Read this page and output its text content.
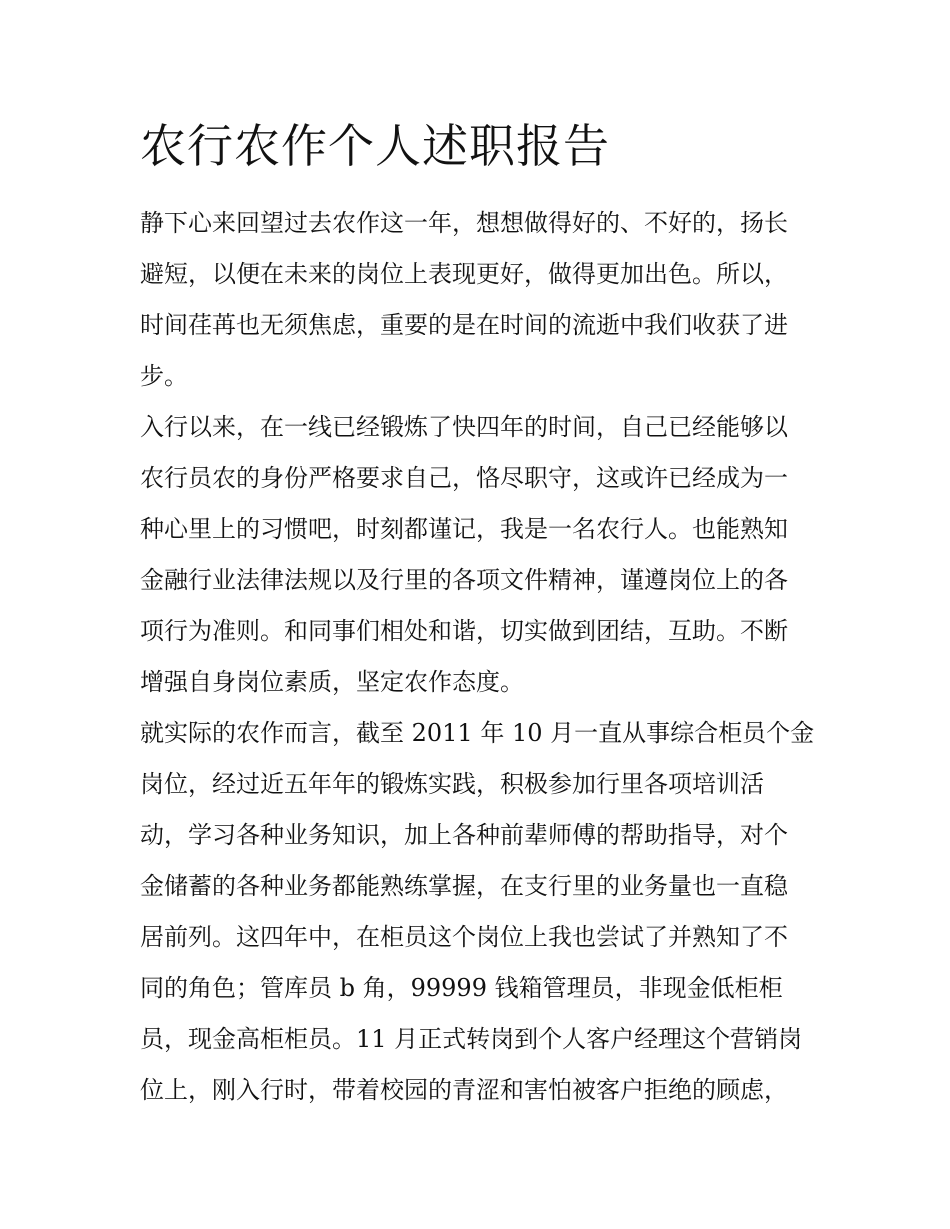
农行农作个人述职报告
静下心来回望过去农作这一年，想想做得好的、不好的，扬长
避短，以便在未来的岗位上表现更好，做得更加出色。所以，
时间荏苒也无须焦虑，重要的是在时间的流逝中我们收获了进
步。
入行以来，在一线已经锻炼了快四年的时间，自己已经能够以
农行员农的身份严格要求自己，恪尽职守，这或许已经成为一
种心里上的习惯吧，时刻都谨记，我是一名农行人。也能熟知
金融行业法律法规以及行里的各项文件精神，谨遵岗位上的各
项行为准则。和同事们相处和谐，切实做到团结，互助。不断
增强自身岗位素质，坚定农作态度。
就实际的农作而言，截至 2011 年 10 月一直从事综合柜员个金
岗位，经过近五年年的锻炼实践，积极参加行里各项培训活
动，学习各种业务知识，加上各种前辈师傅的帮助指导，对个
金储蓄的各种业务都能熟练掌握，在支行里的业务量也一直稳
居前列。这四年中，在柜员这个岗位上我也尝试了并熟知了不
同的角色；管库员 b 角，99999 钱箱管理员，非现金低柜柜
员，现金高柜柜员。11 月正式转岗到个人客户经理这个营销岗
位上，刚入行时，带着校园的青涩和害怕被客户拒绝的顾虑，
